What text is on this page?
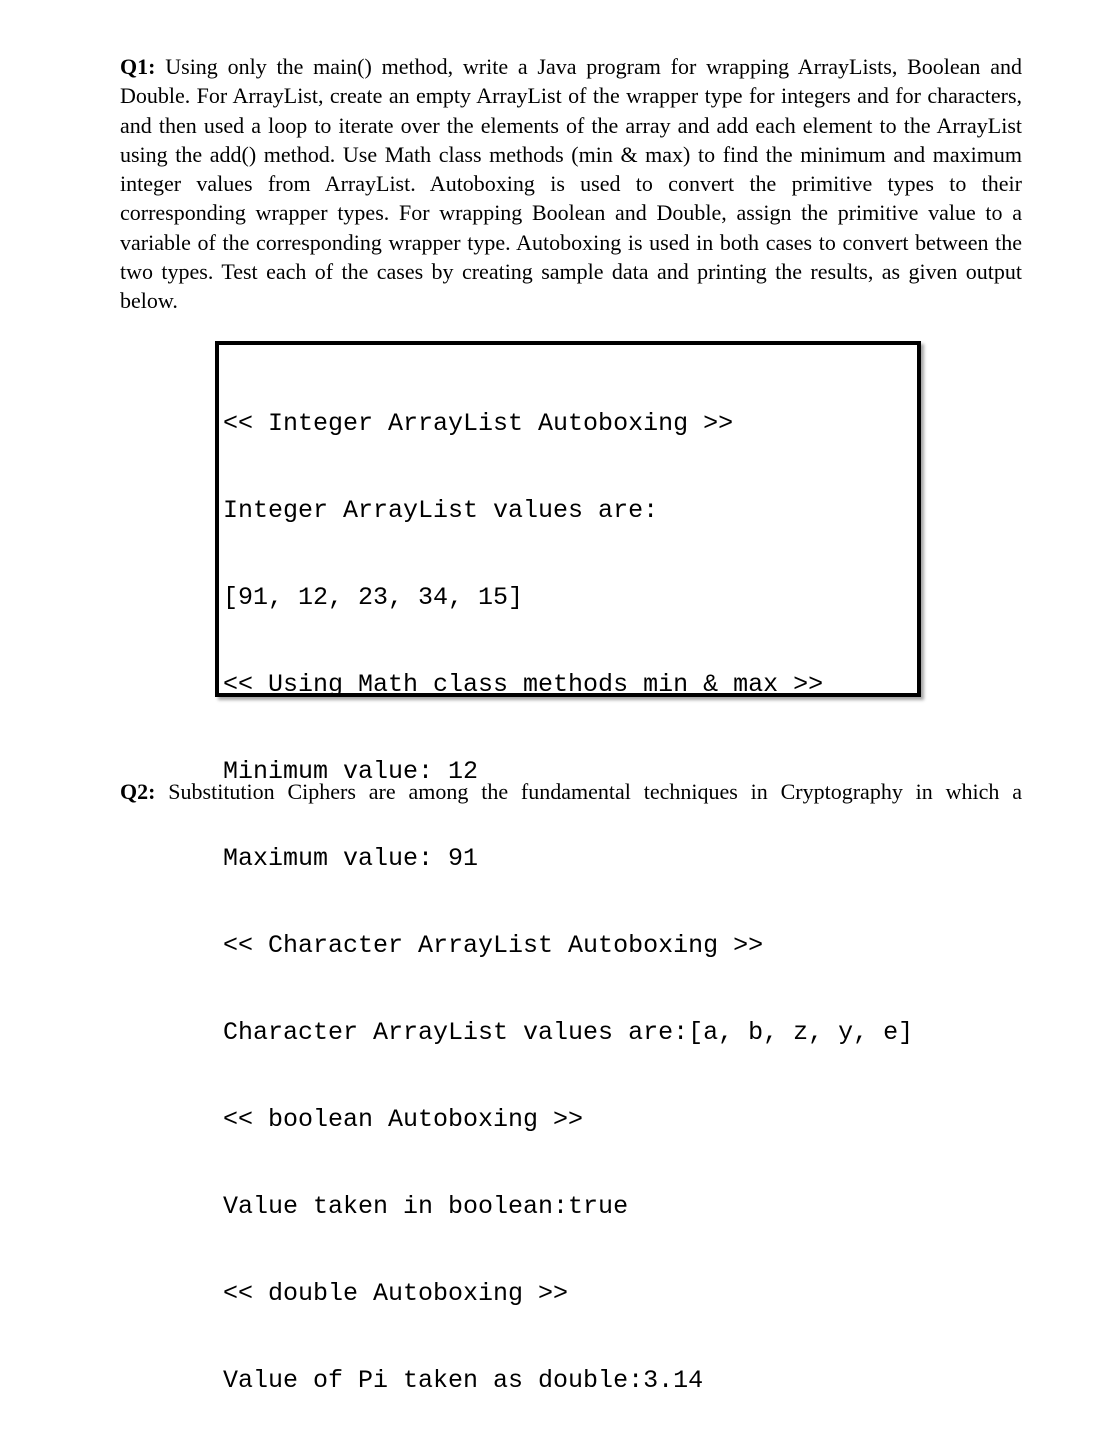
Q1: Using only the main() method, write a Java program for wrapping ArrayLists, Boolean and Double. For ArrayList, create an empty ArrayList of the wrapper type for integers and for characters, and then used a loop to iterate over the elements of the array and add each element to the ArrayList using the add() method. Use Math class methods (min & max) to find the minimum and maximum integer values from ArrayList. Autoboxing is used to convert the primitive types to their corresponding wrapper types. For wrapping Boolean and Double, assign the primitive value to a variable of the corresponding wrapper type. Autoboxing is used in both cases to convert between the two types. Test each of the cases by creating sample data and printing the results, as given output below.

<< Integer ArrayList Autoboxing >>

Integer ArrayList values are:

[91, 12, 23, 34, 15]

<< Using Math class methods min & max >>

Minimum value: 12

Maximum value: 91

<< Character ArrayList Autoboxing >>

Character ArrayList values are:[a, b, z, y, e]

<< boolean Autoboxing >>

Value taken in boolean:true

<< double Autoboxing >>

Value of Pi taken as double:3.14

Q2: Substitution Ciphers are among the fundamental techniques in Cryptography in which a
